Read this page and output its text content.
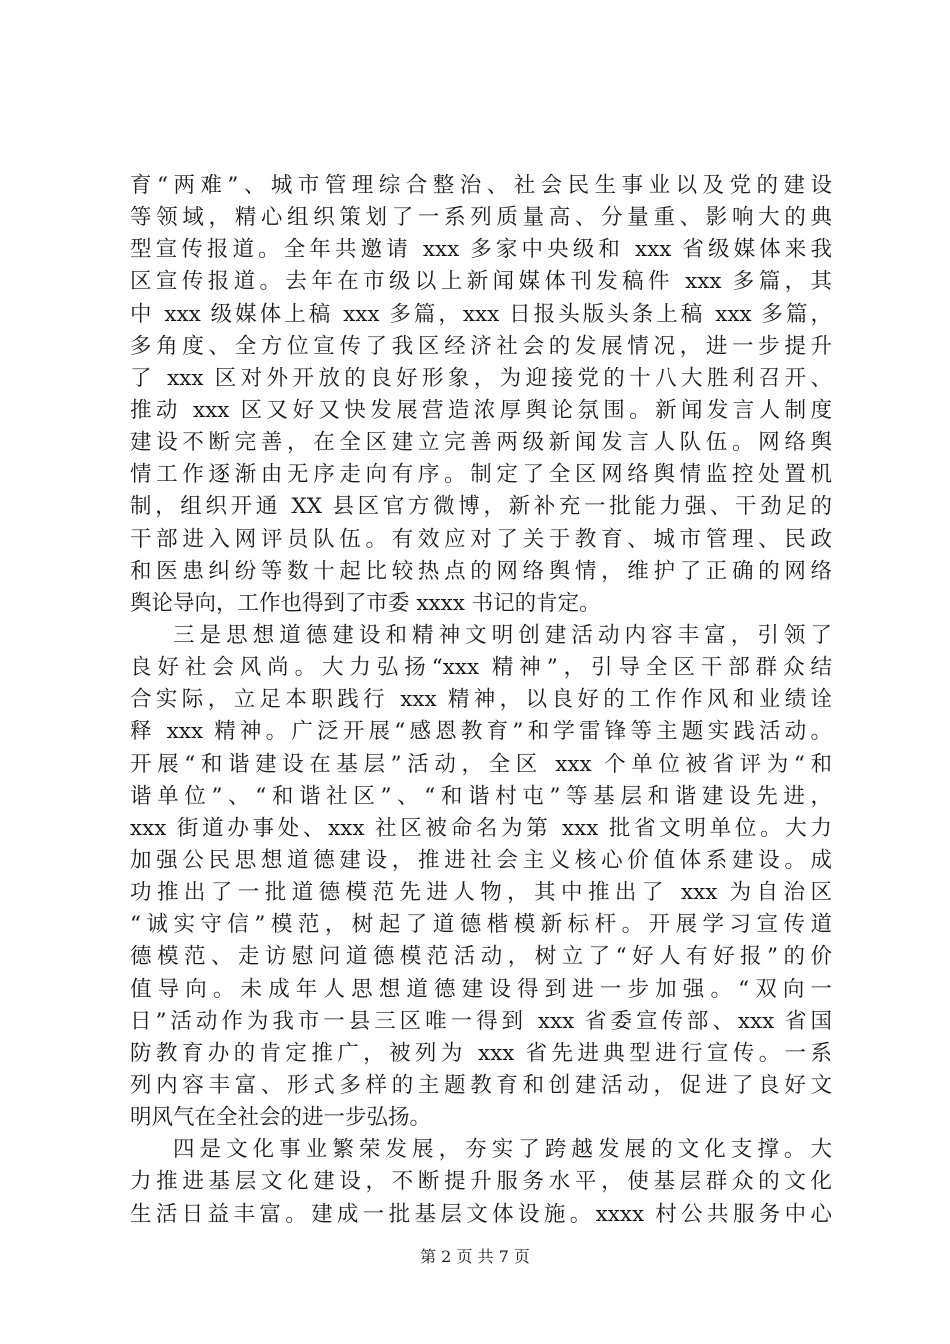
育“两难”、城市管理综合整治、社会民生事业以及党的建设
等领域，精心组织策划了一系列质量高、分量重、影响大的典
型宣传报道。全年共邀请 xxx 多家中央级和 xxx 省级媒体来我
区宣传报道。去年在市级以上新闻媒体刊发稿件 xxx 多篇，其
中 xxx 级媒体上稿 xxx 多篇，xxx 日报头版头条上稿 xxx 多篇，
多角度、全方位宣传了我区经济社会的发展情况，进一步提升
了 xxx 区对外开放的良好形象，为迎接党的十八大胜利召开、
推动 xxx 区又好又快发展营造浓厚舆论氛围。新闻发言人制度
建设不断完善，在全区建立完善两级新闻发言人队伍。网络舆
情工作逐渐由无序走向有序。制定了全区网络舆情监控处置机
制，组织开通 XX 县区官方微博，新补充一批能力强、干劲足的
干部进入网评员队伍。有效应对了关于教育、城市管理、民政
和医患纠纷等数十起比较热点的网络舆情，维护了正确的网络
舆论导向，工作也得到了市委 xxxx 书记的肯定。
三是思想道德建设和精神文明创建活动内容丰富，引领了
良好社会风尚。大力弘扬“xxx 精神”，引导全区干部群众结
合实际，立足本职践行 xxx 精神，以良好的工作作风和业绩诠
释 xxx 精神。广泛开展“感恩教育”和学雷锋等主题实践活动。
开展“和谐建设在基层”活动，全区 xxx 个单位被省评为“和
谐单位”、“和谐社区”、“和谐村屯”等基层和谐建设先进，
xxx 街道办事处、xxx 社区被命名为第 xxx 批省文明单位。大力
加强公民思想道德建设，推进社会主义核心价值体系建设。成
功推出了一批道德模范先进人物，其中推出了 xxx 为自治区
“诚实守信”模范，树起了道德楷模新标杆。开展学习宣传道
德模范、走访慰问道德模范活动，树立了“好人有好报”的价
值导向。未成年人思想道德建设得到进一步加强。“双向一
日”活动作为我市一县三区唯一得到 xxx 省委宣传部、xxx 省国
防教育办的肯定推广，被列为 xxx 省先进典型进行宣传。一系
列内容丰富、形式多样的主题教育和创建活动，促进了良好文
明风气在全社会的进一步弘扬。
四是文化事业繁荣发展，夯实了跨越发展的文化支撑。大
力推进基层文化建设，不断提升服务水平，使基层群众的文化
生活日益丰富。建成一批基层文体设施。xxxx 村公共服务中心
第 2 页 共 7 页
